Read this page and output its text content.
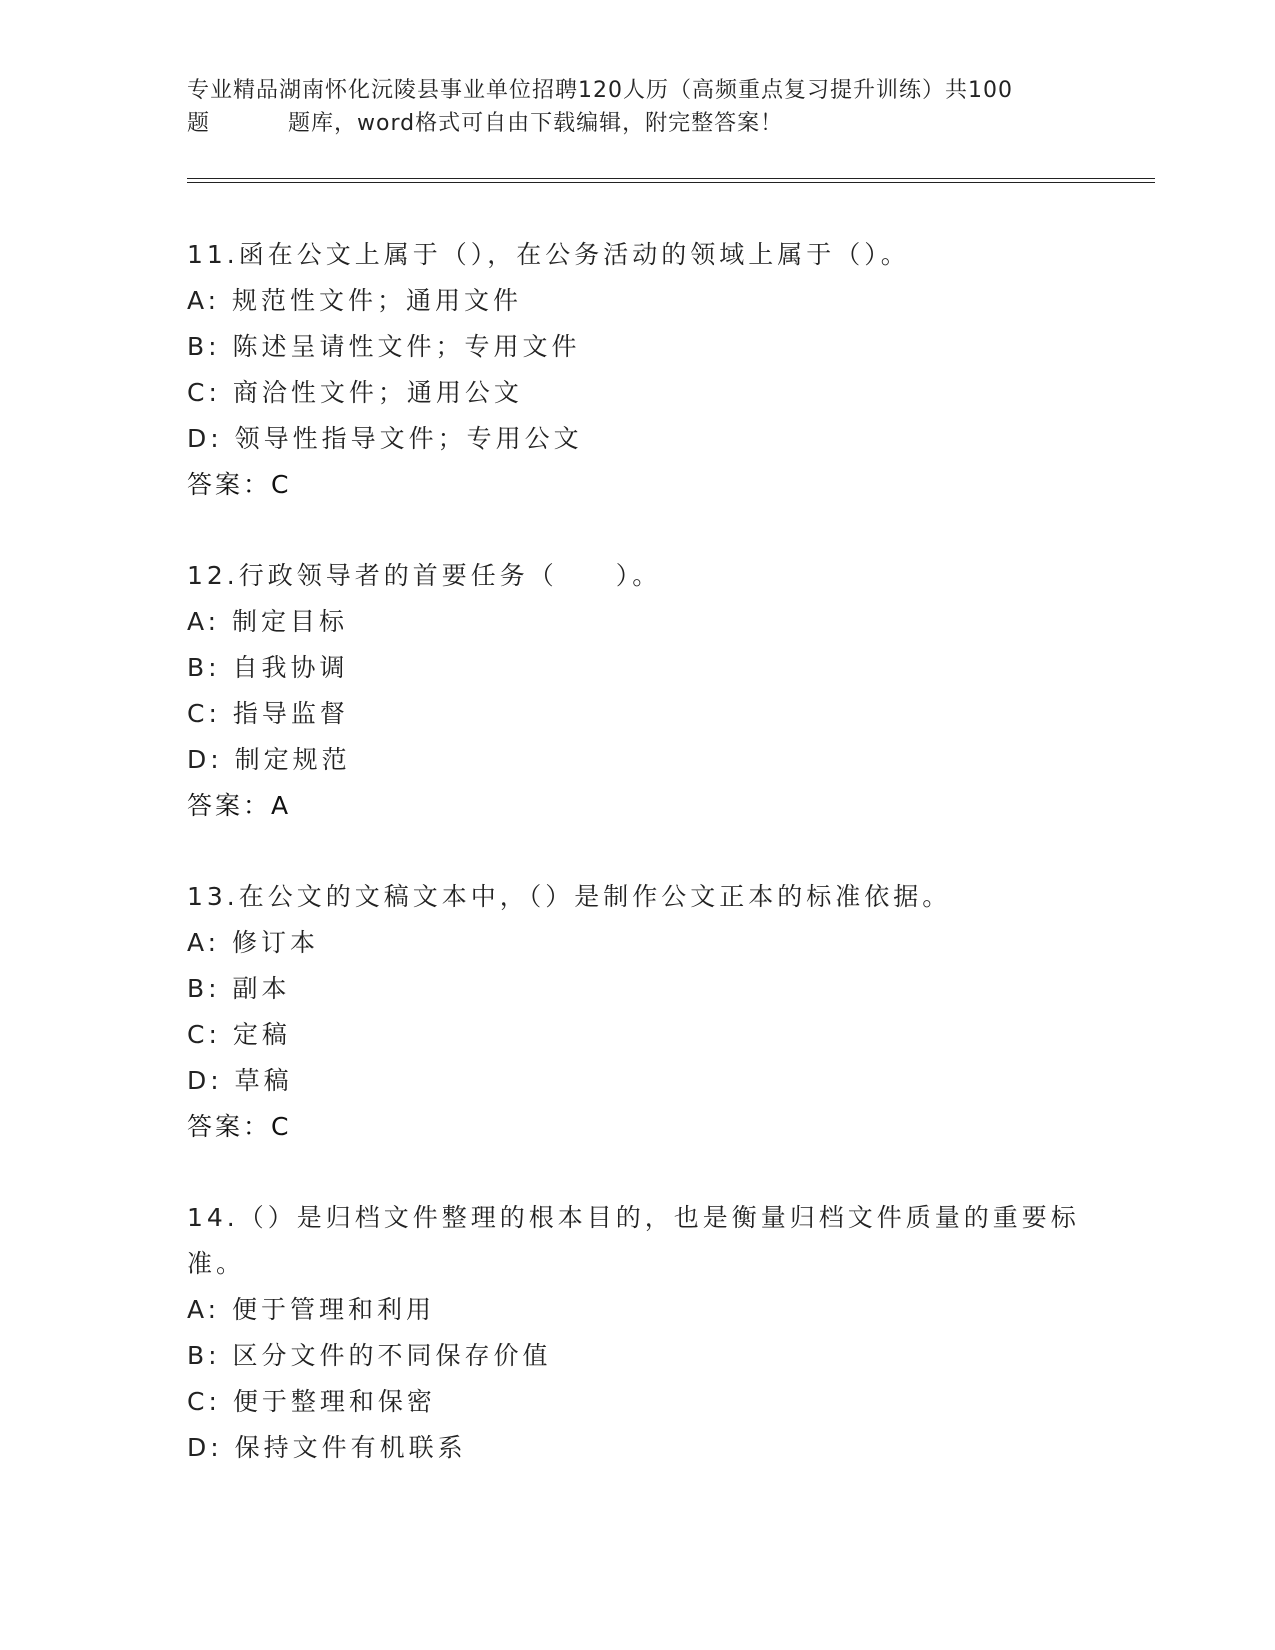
专业精品湖南怀化沅陵县事业单位招聘120人历（高频重点复习提升训练）共100
题	题库，word格式可自由下载编辑，附完整答案！
11.函在公文上属于（），在公务活动的领域上属于（）。
A: 规范性文件；通用文件
B: 陈述呈请性文件；专用文件
C: 商洽性文件；通用公文
D: 领导性指导文件；专用公文
答案：C
12.行政领导者的首要任务（　　）。
A: 制定目标
B: 自我协调
C: 指导监督
D: 制定规范
答案：A
13.在公文的文稿文本中，（）是制作公文正本的标准依据。
A: 修订本
B: 副本
C: 定稿
D: 草稿
答案：C
14.（）是归档文件整理的根本目的，也是衡量归档文件质量的重要标
准。
A: 便于管理和利用
B: 区分文件的不同保存价值
C: 便于整理和保密
D: 保持文件有机联系
